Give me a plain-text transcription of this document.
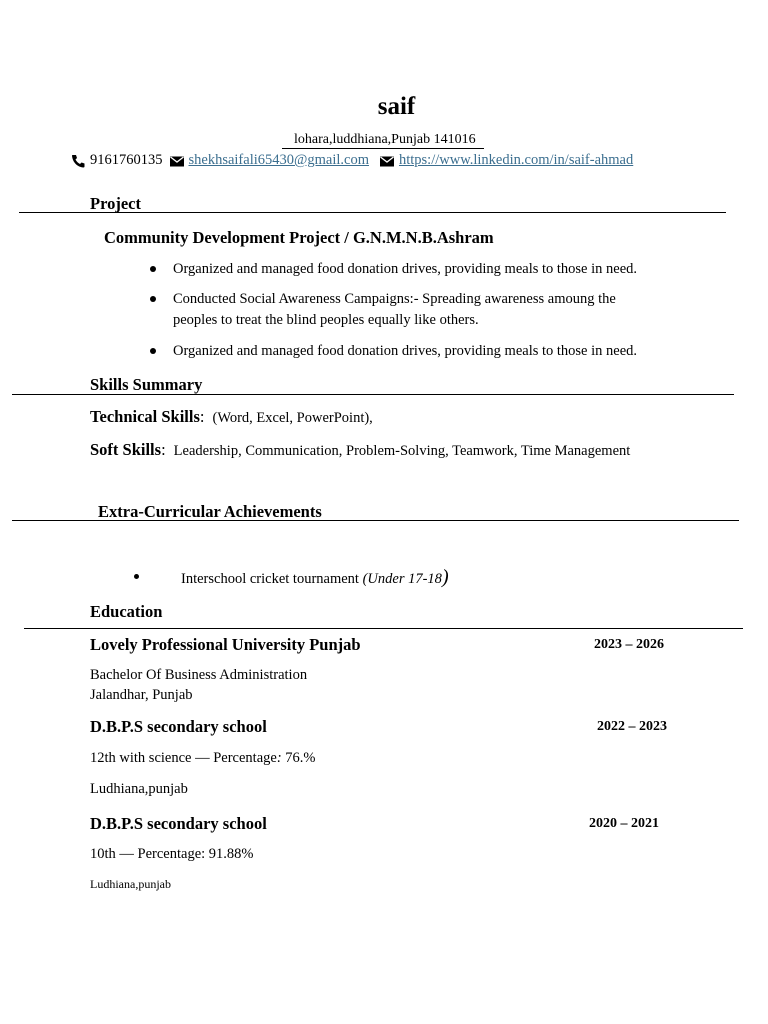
saif
lohara,luddhiana,Punjab 141016
9161760135 shekhsaifali65430@gmail.com https://www.linkedin.com/in/saif-ahmad
Project
Community Development Project / G.N.M.N.B.Ashram
Organized and managed food donation drives, providing meals to those in need.
Conducted Social Awareness Campaigns:- Spreading awareness amoung the peoples to treat the blind peoples equally like others.
Organized and managed food donation drives, providing meals to those in need.
Skills Summary
Technical Skills : (Word, Excel, PowerPoint),
Soft Skills : Leadership, Communication, Problem-Solving, Teamwork, Time Management
Extra-Curricular Achievements
Interschool cricket tournament (Under 17-18)
Education
Lovely Professional University Punjab	2023 – 2026
Bachelor Of Business Administration
Jalandhar, Punjab
D.B.P.S secondary school	2022 – 2023
12th with science — Percentage: 76.%
Ludhiana,punjab
D.B.P.S secondary school	2020 – 2021
10th — Percentage: 91.88%
Ludhiana,punjab
